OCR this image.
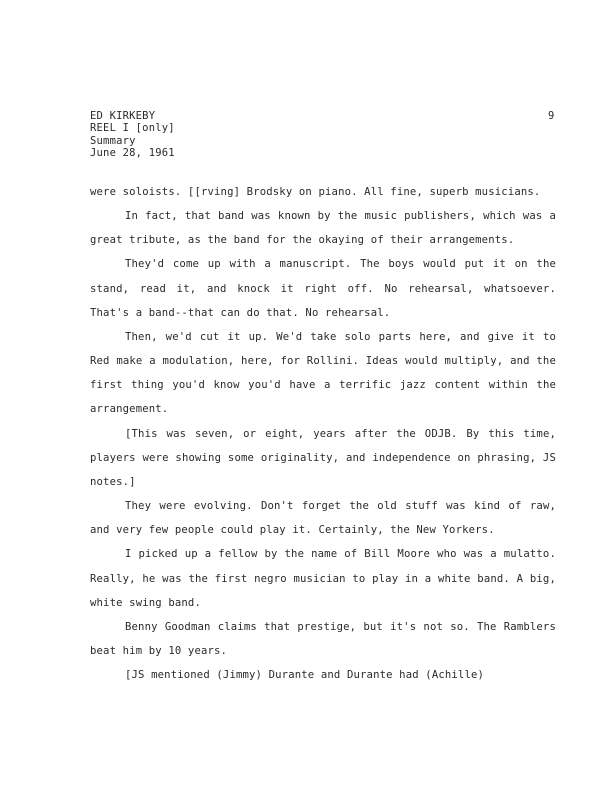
ED KIRKEBY
REEL I [only]
Summary
June 28, 1961
9

were soloists. [[rving] Brodsky on piano. All fine, superb musicians.

In fact, that band was known by the music publishers, which was a great tribute, as the band for the okaying of their arrangements.

They'd come up with a manuscript. The boys would put it on the stand, read it, and knock it right off. No rehearsal, whatsoever. That's a band--that can do that. No rehearsal.

Then, we'd cut it up. We'd take solo parts here, and give it to Red make a modulation, here, for Rollini. Ideas would multiply, and the first thing you'd know you'd have a terrific jazz content within the arrangement.

[This was seven, or eight, years after the ODJB. By this time, players were showing some originality, and independence on phrasing, JS notes.]

They were evolving. Don't forget the old stuff was kind of raw, and very few people could play it. Certainly, the New Yorkers.

I picked up a fellow by the name of Bill Moore who was a mulatto. Really, he was the first negro musician to play in a white band. A big, white swing band.

Benny Goodman claims that prestige, but it's not so. The Ramblers beat him by 10 years.

[JS mentioned (Jimmy) Durante and Durante had (Achille)
